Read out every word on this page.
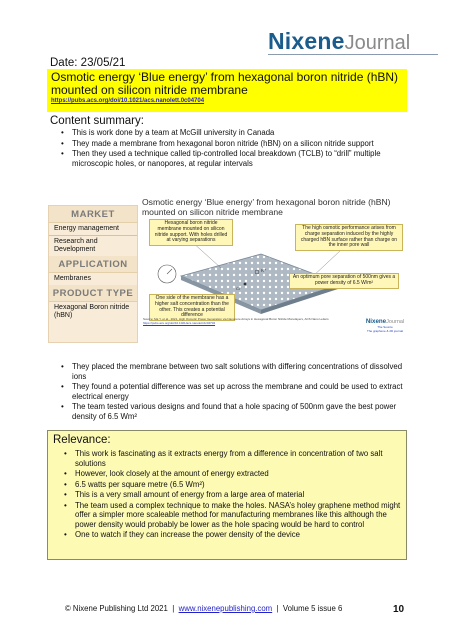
NixeneJournal
Date: 23/05/21
Osmotic energy ‘Blue energy’ from hexagonal boron nitride (hBN) mounted on silicon nitride membrane
https://pubs.acs.org/doi/10.1021/acs.nanolett.0c04704
Content summary:
• This is work done by a team at McGill university in Canada
• They made a membrane from hexagonal boron nitride (hBN) on a silicon nitride support
• Then they used a technique called tip-controlled local breakdown (TCLB) to “drill” multiple microscopic holes, or nanopores, at regular intervals
MARKET
Energy management
Research and Development
APPLICATION
Membranes
PRODUCT TYPE
Hexagonal Boron nitride (hBN)
Osmotic energy ‘Blue energy’ from hexagonal boron nitride (hBN) mounted on silicon nitride membrane
K⁺
Cl⁻
Hexagonal boron nitride membrane mounted on silicon nitride support. With holes drilled at varying separations
The high osmotic performance arises from charge separation induced by the highly charged hBN surface rather than charge on the inner pore wall
An optimum pore separation of 500nm gives a power density of 6.5 W/m²
One side of the membrane has a higher salt concentration than the other. This creates a potential difference
Source: Ma Y. et al., 2021, High Osmotic Power Generation via Nanopore Arrays in Hexagonal Boron Nitride Monolayers, ACS Nano Letters
https://pubs.acs.org/doi/10.1021/acs.nanolett.0c04704	NixeneJournal
The Source
The graphene & 2D journal
• They placed the membrane between two salt solutions with differing concentrations of dissolved ions
• They found a potential difference was set up across the membrane and could be used to extract electrical energy
• The team tested various designs and found that a hole spacing of 500nm gave the best power density of 6.5 Wm²
Relevance:
• This work is fascinating as it extracts energy from a difference in concentration of two salt solutions
• However, look closely at the amount of energy extracted
• 6.5 watts per square metre (6.5 Wm²)
• This is a very small amount of energy from a large area of material
• The team used a complex technique to make the holes. NASA’s holey graphene method might offer a simpler more scaleable method for manufacturing membranes like this although the power density would probably be lower as the hole spacing would be hard to control
• One to watch if they can increase the power density of the device
© Nixene Publishing Ltd 2021 | www.nixenepublishing.com | Volume 5 issue 6	10
